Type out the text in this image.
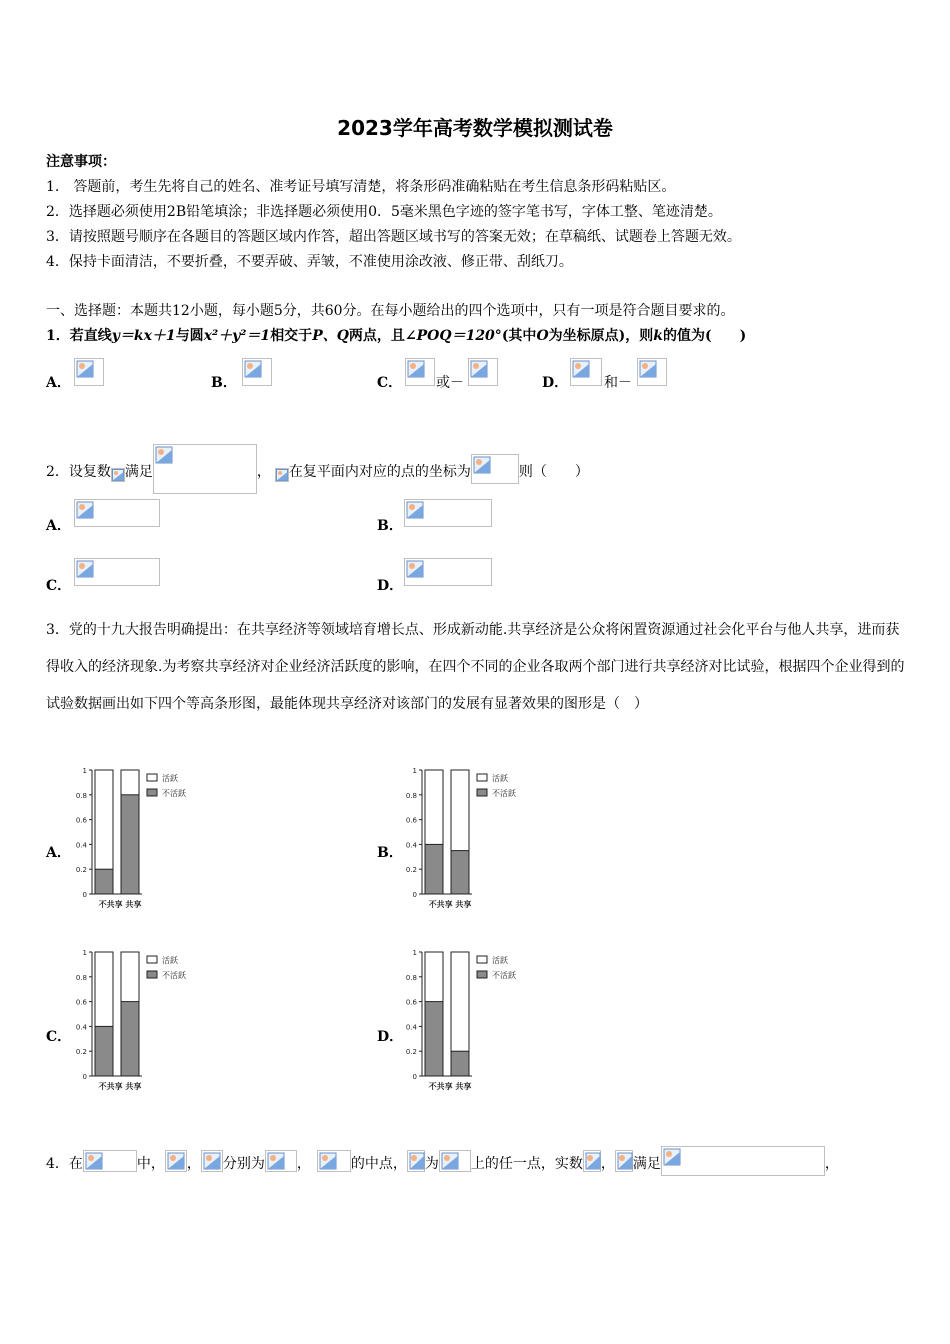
2023学年高考数学模拟测试卷
注意事项：
1.　答题前，考生先将自己的姓名、准考证号填写清楚，将条形码准确粘贴在考生信息条形码粘贴区。
2．选择题必须使用2B铅笔填涂；非选择题必须使用0．5毫米黑色字迹的签字笔书写，字体工整、笔迹清楚。
3．请按照题号顺序在各题目的答题区域内作答，超出答题区域书写的答案无效；在草稿纸、试题卷上答题无效。
4．保持卡面清洁，不要折叠，不要弄破、弄皱，不准使用涂改液、修正带、刮纸刀。
一、选择题：本题共12小题，每小题5分，共60分。在每小题给出的四个选项中，只有一项是符合题目要求的。
1．若直线y＝kx＋1与圆x²＋y²＝1相交于P、Q两点，且∠POQ＝120°(其中O为坐标原点)，则k的值为(　　)
A．	B．	C． 或－	D．	和－
2．设复数 满足	， 在复平面内对应的点的坐标为	则（　　）
A．	B．
C．	D．
3．党的十九大报告明确提出：在共享经济等领域培育增长点、形成新动能.共享经济是公众将闲置资源通过社会化平台与他人共享，进而获得收入的经济现象.为考察共享经济对企业经济活跃度的影响，在四个不同的企业各取两个部门进行共享经济对比试验，根据四个企业得到的试验数据画出如下四个等高条形图，最能体现共享经济对该部门的发展有显著效果的图形是（　）
A．	B．
C．	D．
0
0.2
0.4
0.6
0.8
1
不共享 共享
活跃
不活跃
0
0.2
0.4
0.6
0.8
1
不共享 共享
活跃
不活跃
0
0.2
0.4
0.6
0.8
1
不共享 共享
活跃
不活跃
0
0.2
0.4
0.6
0.8
1
不共享 共享
活跃
不活跃
4．在	中， ， 分别为 ，	的中点， 为 上的任一点，实数 ， 满足	，
